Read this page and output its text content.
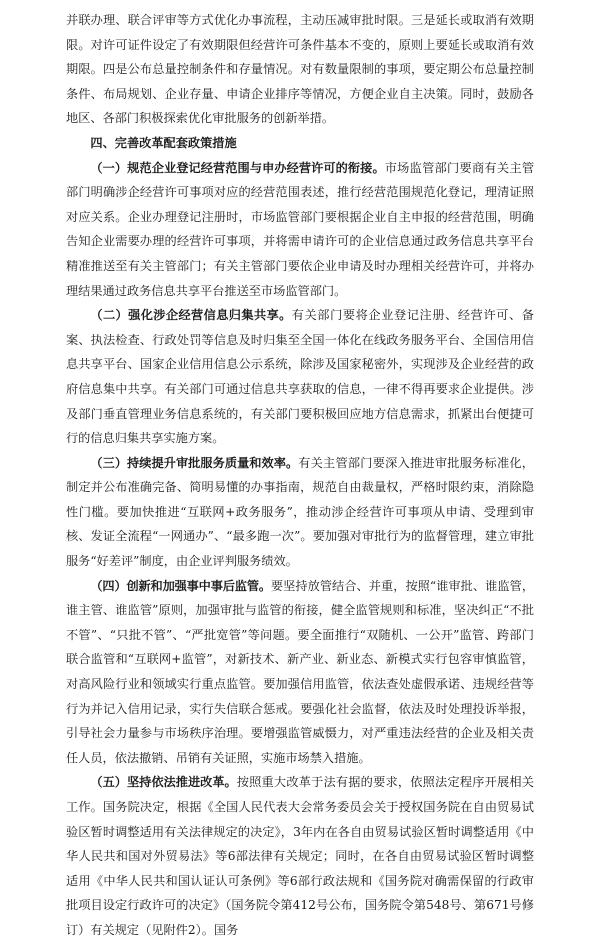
并联办理、联合评审等方式优化办事流程，主动压减审批时限。三是延长或取消有效期限。对许可证件设定了有效期限但经营许可条件基本不变的，原则上要延长或取消有效期限。四是公布总量控制条件和存量情况。对有数量限制的事项，要定期公布总量控制条件、布局规划、企业存量、申请企业排序等情况，方便企业自主决策。同时，鼓励各地区、各部门积极探索优化审批服务的创新举措。

四、完善改革配套政策措施

（一）规范企业登记经营范围与申办经营许可的衔接。市场监管部门要商有关主管部门明确涉企经营许可事项对应的经营范围表述，推行经营范围规范化登记，理清证照对应关系。企业办理登记注册时，市场监管部门要根据企业自主申报的经营范围，明确告知企业需要办理的经营许可事项，并将需申请许可的企业信息通过政务信息共享平台精准推送至有关主管部门；有关主管部门要依企业申请及时办理相关经营许可，并将办理结果通过政务信息共享平台推送至市场监管部门。

（二）强化涉企经营信息归集共享。有关部门要将企业登记注册、经营许可、备案、执法检查、行政处罚等信息及时归集至全国一体化在线政务服务平台、全国信用信息共享平台、国家企业信用信息公示系统，除涉及国家秘密外，实现涉及企业经营的政府信息集中共享。有关部门可通过信息共享获取的信息，一律不得再要求企业提供。涉及部门垂直管理业务信息系统的，有关部门要积极回应地方信息需求，抓紧出台便捷可行的信息归集共享实施方案。

（三）持续提升审批服务质量和效率。有关主管部门要深入推进审批服务标准化，制定并公布准确完备、简明易懂的办事指南，规范自由裁量权，严格时限约束，消除隐性门槛。要加快推进“互联网+政务服务”，推动涉企经营许可事项从申请、受理到审核、发证全流程“一网通办”、“最多跑一次”。要加强对审批行为的监督管理，建立审批服务“好差评”制度，由企业评判服务绩效。

（四）创新和加强事中事后监管。要坚持放管结合、并重，按照“谁审批、谁监管，谁主管、谁监管”原则，加强审批与监管的衔接，健全监管规则和标准，坚决纠正“不批不管”、“只批不管”、“严批宽管”等问题。要全面推行“双随机、一公开”监管、跨部门联合监管和“互联网+监管”，对新技术、新产业、新业态、新模式实行包容审慎监管，对高风险行业和领域实行重点监管。要加强信用监管，依法查处虚假承诺、违规经营等行为并记入信用记录，实行失信联合惩戒。要强化社会监督，依法及时处理投诉举报，引导社会力量参与市场秩序治理。要增强监管威慑力，对严重违法经营的企业及相关责任人员，依法撤销、吊销有关证照，实施市场禁入措施。

（五）坚持依法推进改革。按照重大改革于法有据的要求，依照法定程序开展相关工作。国务院决定，根据《全国人民代表大会常务委员会关于授权国务院在自由贸易试验区暂时调整适用有关法律规定的决定》，3年内在各自由贸易试验区暂时调整适用《中华人民共和国对外贸易法》等6部法律有关规定；同时，在各自由贸易试验区暂时调整适用《中华人民共和国认证认可条例》等6部行政法规和《国务院对确需保留的行政审批项目设定行政许可的决定》（国务院令第412号公布，国务院令第548号、第671号修订）有关规定（见附件2）。国务
